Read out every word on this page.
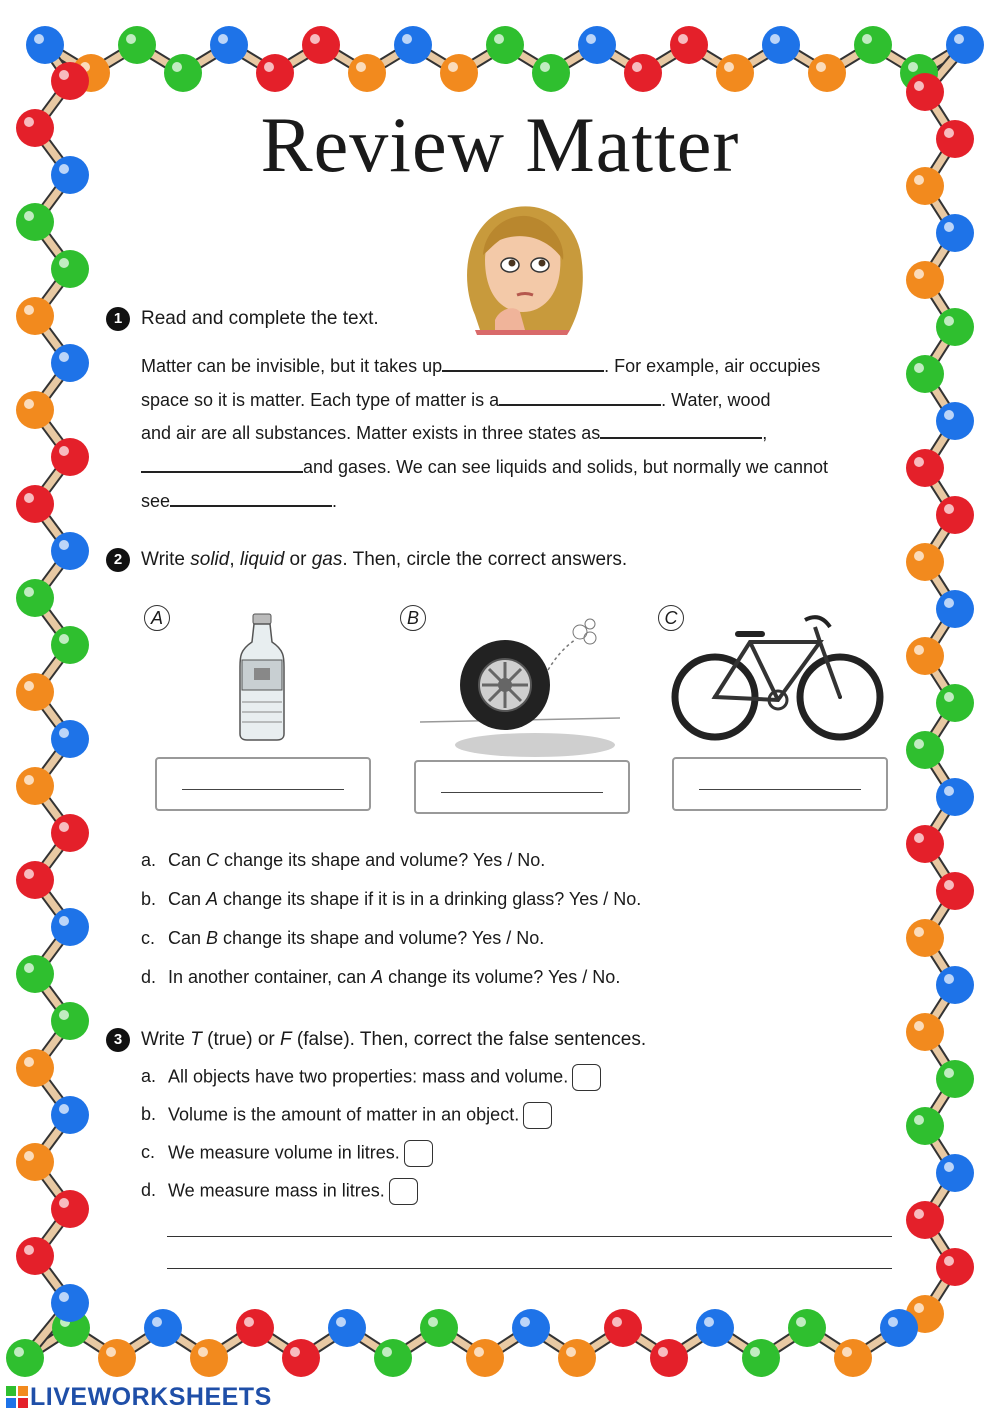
Review Matter
1 Read and complete the text.
Matter can be invisible, but it takes up	. For example, air occupies
space so it is matter. Each type of matter is a	. Water, wood
and air are all substances. Matter exists in three states as	,
and gases. We can see liquids and solids, but normally we cannot
see	.
2 Write solid, liquid or gas. Then, circle the correct answers.
A	B	C
a. Can C change its shape and volume? Yes / No.
b. Can A change its shape if it is in a drinking glass? Yes / No.
c. Can B change its shape and volume? Yes / No.
d. In another container, can A change its volume? Yes / No.
3 Write T (true) or F (false). Then, correct the false sentences.
a. All objects have two properties: mass and volume.
b. Volume is the amount of matter in an object.
c. We measure volume in litres.
d. We measure mass in litres.
LIVEWORKSHEETS
